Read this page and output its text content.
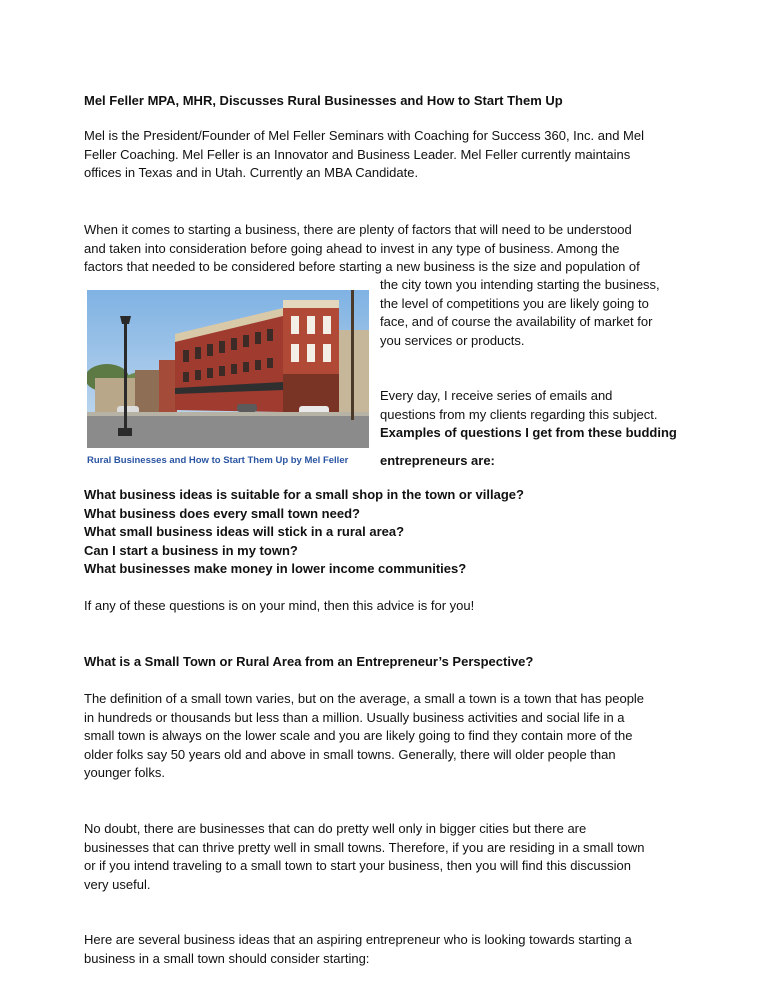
Mel Feller MPA, MHR, Discusses Rural Businesses and How to Start Them Up

Mel is the President/Founder of Mel Feller Seminars with Coaching for Success 360, Inc. and Mel
Feller Coaching. Mel Feller is an Innovator and Business Leader. Mel Feller currently maintains
offices in Texas and in Utah. Currently an MBA Candidate.

When it comes to starting a business, there are plenty of factors that will need to be understood
and taken into consideration before going ahead to invest in any type of business. Among the
factors that needed to be considered before starting a new business is the size and population of

the city town you intending starting the business,
the level of competitions you are likely going to
face, and of course the availability of market for
you services or products.

Every day, I receive series of emails and
questions from my clients regarding this subject.
Examples of questions I get from these budding

entrepreneurs are:

Rural Businesses and How to Start Them Up by Mel Feller

What business ideas is suitable for a small shop in the town or village?
What business does every small town need?
What small business ideas will stick in a rural area?
Can I start a business in my town?
What businesses make money in lower income communities?

If any of these questions is on your mind, then this advice is for you!

What is a Small Town or Rural Area from an Entrepreneur’s Perspective?

The definition of a small town varies, but on the average, a small a town is a town that has people
in hundreds or thousands but less than a million. Usually business activities and social life in a
small town is always on the lower scale and you are likely going to find they contain more of the
older folks say 50 years old and above in small towns. Generally, there will older people than
younger folks.

No doubt, there are businesses that can do pretty well only in bigger cities but there are
businesses that can thrive pretty well in small towns. Therefore, if you are residing in a small town
or if you intend traveling to a small town to start your business, then you will find this discussion
very useful.

Here are several business ideas that an aspiring entrepreneur who is looking towards starting a
business in a small town should consider starting:
